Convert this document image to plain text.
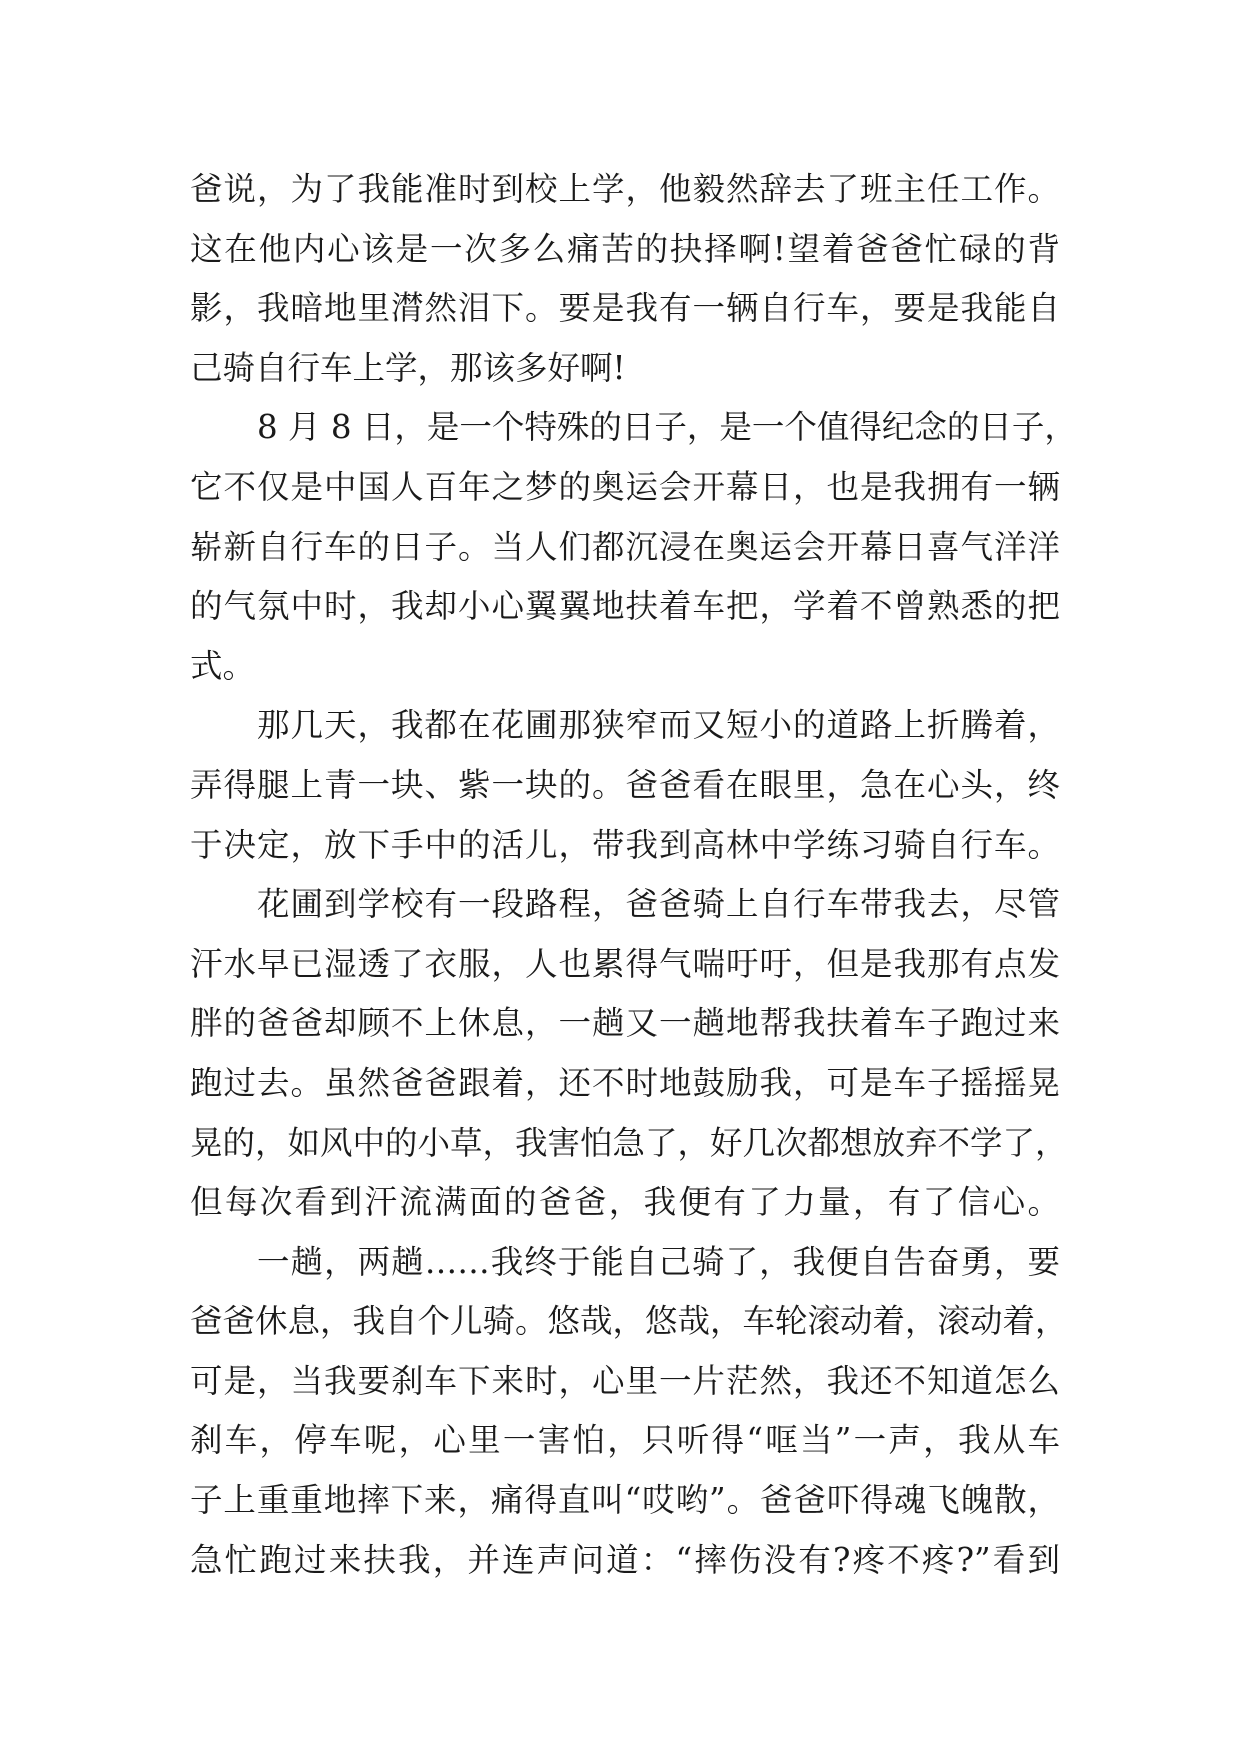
爸说，为了我能准时到校上学，他毅然辞去了班主任工作。
这在他内心该是一次多么痛苦的抉择啊!望着爸爸忙碌的背
影，我暗地里潸然泪下。要是我有一辆自行车，要是我能自
己骑自行车上学，那该多好啊!
8 月 8 日，是一个特殊的日子，是一个值得纪念的日子，
它不仅是中国人百年之梦的奥运会开幕日，也是我拥有一辆
崭新自行车的日子。当人们都沉浸在奥运会开幕日喜气洋洋
的气氛中时，我却小心翼翼地扶着车把，学着不曾熟悉的把
式。
那几天，我都在花圃那狭窄而又短小的道路上折腾着，
弄得腿上青一块、紫一块的。爸爸看在眼里，急在心头，终
于决定，放下手中的活儿，带我到高林中学练习骑自行车。
花圃到学校有一段路程，爸爸骑上自行车带我去，尽管
汗水早已湿透了衣服，人也累得气喘吁吁，但是我那有点发
胖的爸爸却顾不上休息，一趟又一趟地帮我扶着车子跑过来
跑过去。虽然爸爸跟着，还不时地鼓励我，可是车子摇摇晃
晃的，如风中的小草，我害怕急了，好几次都想放弃不学了，
但每次看到汗流满面的爸爸，我便有了力量，有了信心。
一趟，两趟……我终于能自己骑了，我便自告奋勇，要
爸爸休息，我自个儿骑。悠哉，悠哉，车轮滚动着，滚动着，
可是，当我要刹车下来时，心里一片茫然，我还不知道怎么
刹车，停车呢，心里一害怕，只听得“哐当”一声，我从车
子上重重地摔下来，痛得直叫“哎哟”。爸爸吓得魂飞魄散，
急忙跑过来扶我，并连声问道：“摔伤没有?疼不疼?”看到
